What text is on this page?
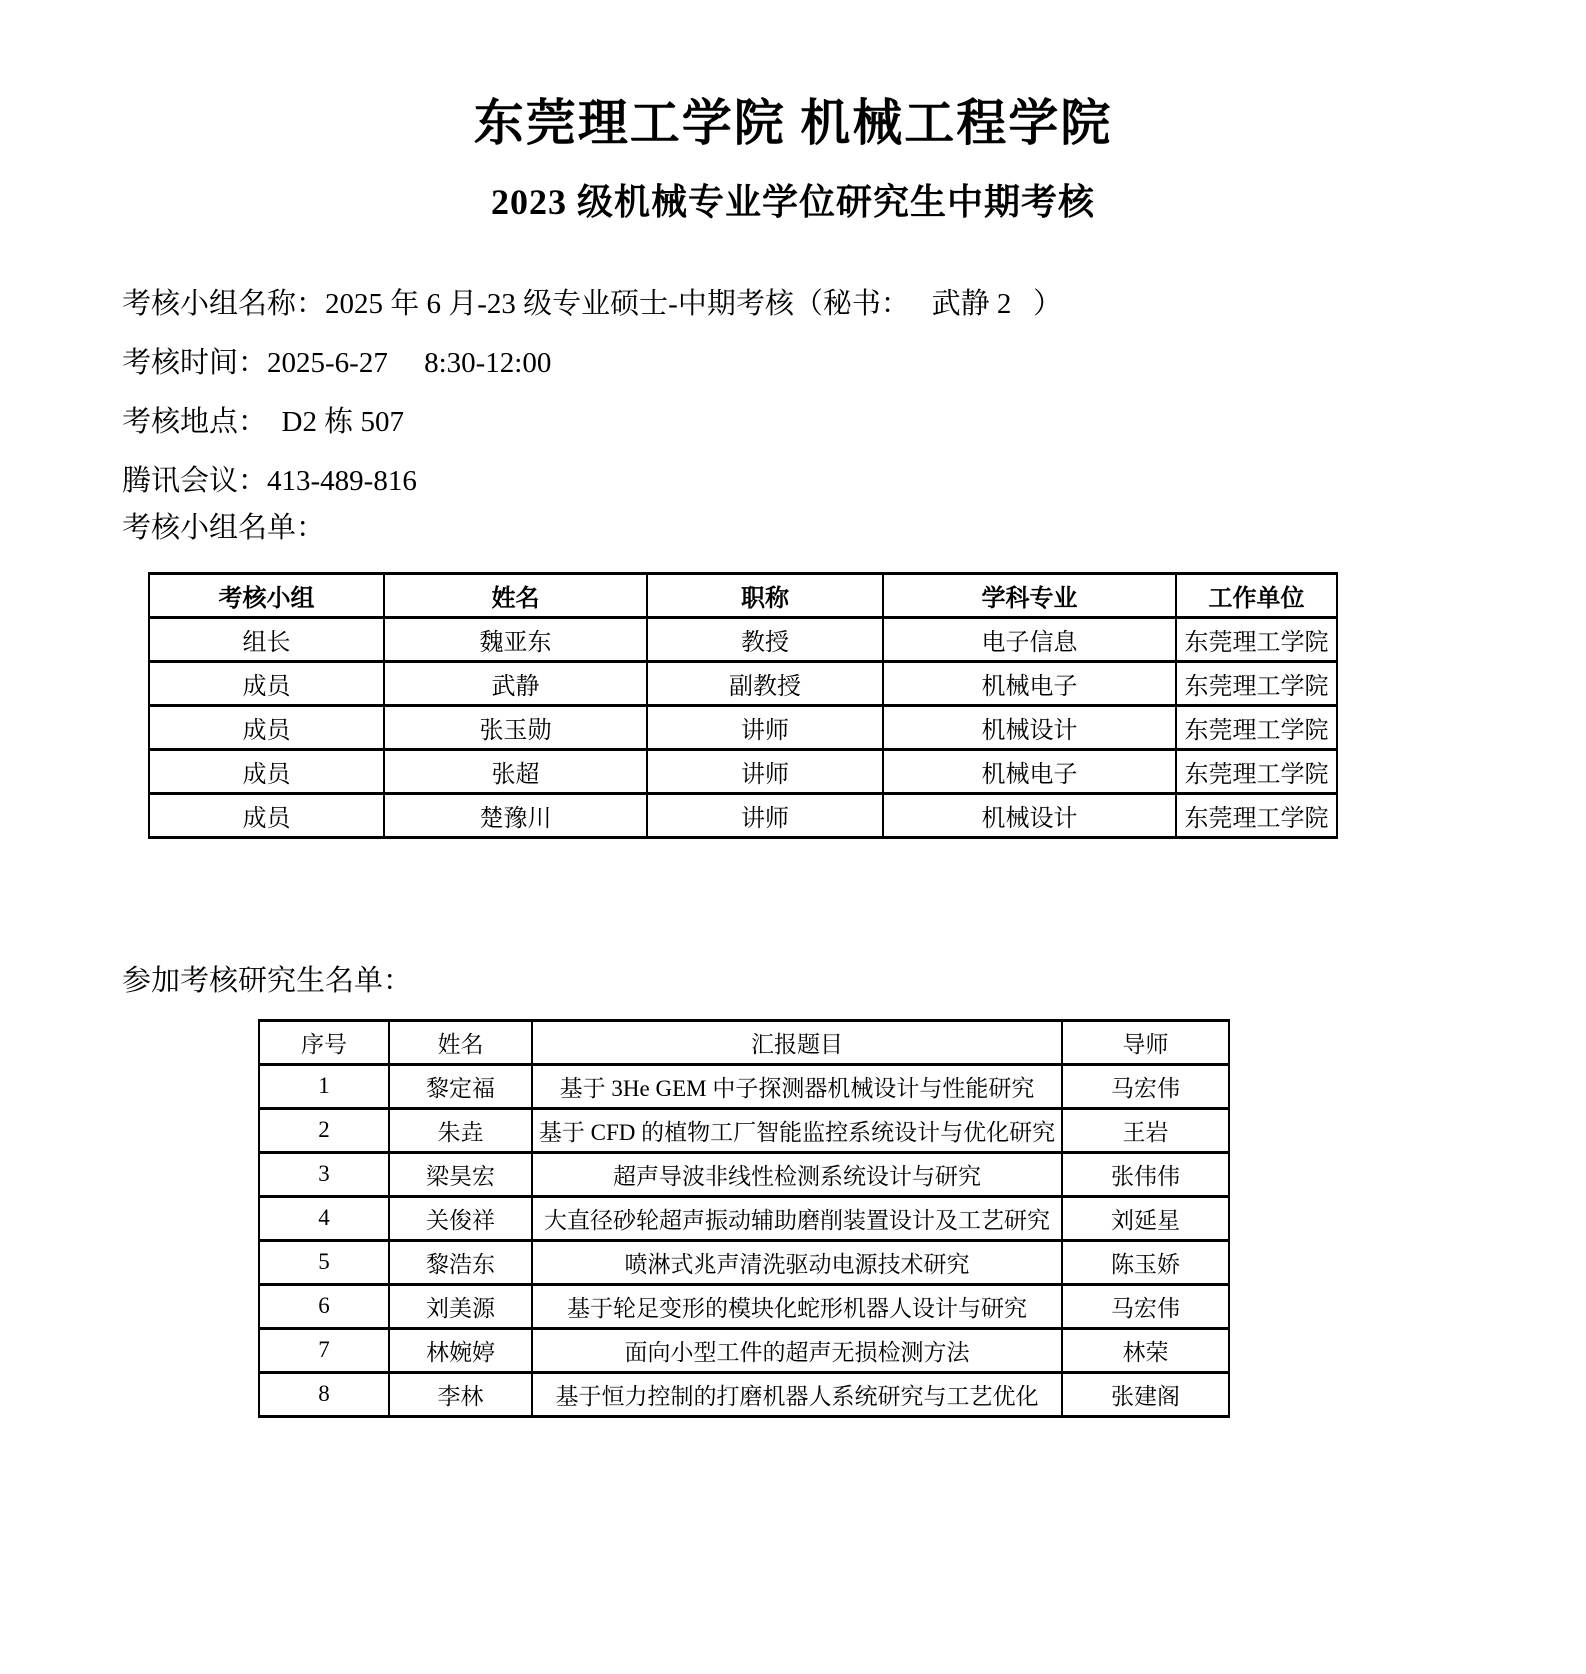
东莞理工学院 机械工程学院
2023 级机械专业学位研究生中期考核

考核小组名称：2025 年 6 月-23 级专业硕士-中期考核（秘书：   武静 2   ）

考核时间：2025-6-27     8:30-12:00

考核地点：  D2 栋 507

腾讯会议：413-489-816

考核小组名单：

考核小组	姓名	职称	学科专业	工作单位
组长	魏亚东	教授	电子信息	东莞理工学院
成员	武静	副教授	机械电子	东莞理工学院
成员	张玉勋	讲师	机械设计	东莞理工学院
成员	张超	讲师	机械电子	东莞理工学院
成员	楚豫川	讲师	机械设计	东莞理工学院

参加考核研究生名单：

序号	姓名	汇报题目	导师
1	黎定福	基于 3He GEM 中子探测器机械设计与性能研究	马宏伟
2	朱垚	基于 CFD 的植物工厂智能监控系统设计与优化研究	王岩
3	梁昊宏	超声导波非线性检测系统设计与研究	张伟伟
4	关俊祥	大直径砂轮超声振动辅助磨削装置设计及工艺研究	刘延星
5	黎浩东	喷淋式兆声清洗驱动电源技术研究	陈玉娇
6	刘美源	基于轮足变形的模块化蛇形机器人设计与研究	马宏伟
7	林婉婷	面向小型工件的超声无损检测方法	林荣
8	李林	基于恒力控制的打磨机器人系统研究与工艺优化	张建阁
